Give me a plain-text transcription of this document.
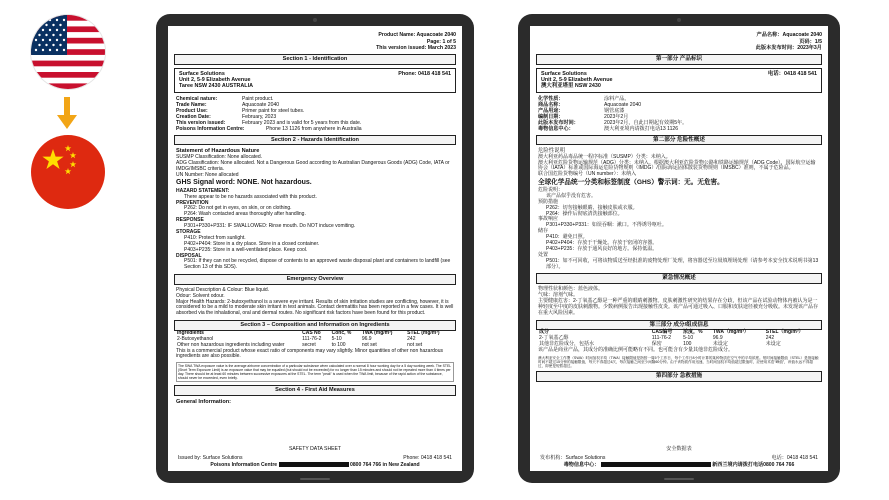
Product Name: Aquacoate 2040
Page: 1 of 5
This version issued: March 2023
Section 1 - Identification
Surface Solutions
Unit 2, 5-9 Elizabeth Avenue
Taree NSW 2430 AUSTRALIA
Phone: 0418 418 541
Chemical nature:	Paint product.
Trade Name:	Aquacoate 2040
Product Use:	Primer paint for steel tubes.
Creation Date:	February, 2023
This version issued:	February 2023 and is valid for 5 years from this date.
Poisons Information Centre:	Phone 13 1126 from anywhere in Australia
Section 2 - Hazards Identification
Statement of Hazardous Nature
SUSMP Classification: None allocated.
ADG Classification: None allocated. Not a Dangerous Good according to Australian Dangerous Goods (ADG) Code, IATA or IMDG/IMSBC criteria.
UN Number: None allocated
GHS Signal word: NONE. Not hazardous.
HAZARD STATEMENT:
There appear to be no hazards associated with this product.
PREVENTION
P262: Do not get in eyes, on skin, or on clothing.
P264: Wash contacted areas thoroughly after handling.
RESPONSE
P301+P330+P331: IF SWALLOWED: Rinse mouth. Do NOT induce vomiting.
STORAGE
P410: Protect from sunlight.
P402+P404: Store in a dry place. Store in a closed container.
P403+P235: Store in a well-ventilated place. Keep cool.
DISPOSAL
P501: If they can not be recycled, dispose of contents to an approved waste disposal plant and containers to landfill (see Section 13 of this SDS).
Emergency Overview
Physical Description & Colour: Blue liquid.
Odour: Solvent odour.
Major Health Hazards: 2-butoxyethanol is a severe eye irritant. Results of skin irritation studies are conflicting, however, it is considered to be a mild to moderate skin irritant in test animals. Contact dermatitis has been reported in a few cases. It is well absorbed via the inhalational, oral and dermal routes. No significant risk factors have been found for this product.
Section 3 – Composition and Information on Ingredients
Ingredients	CAS No	Conc, %	TWA (mg/m³)	STEL (mg/m³)
2-Butoxyethanol	111-76-2	5-10	96.9	242
Other non hazardous ingredients including water	secret	to 100	not set	not set
This is a commercial product whose exact ratio of components may vary slightly. Minor quantities of other non hazardous ingredients are also possible.
The SWA TWA exposure value is the average airborne concentration of a particular substance when calculated over a normal 8 hour working day for a 5 day working week. The STEL (Short Term Exposure Limit) is an exposure value that may be equalled (but should not be exceeded) for no longer than 15 minutes and should not be repeated more than 4 times per day. There should be at least 60 minutes between successive exposures at the STEL. The term "peak" is used when the TWA limit, because of the rapid action of the substance, should never be exceeded, even briefly.
Section 4 - First Aid Measures
General Information:
SAFETY DATA SHEET
Issued by: Surface Solutions	Phone: 0418 418 541
Poisons Information Centre	0800 764 766 in New Zealand
产品名称：Aquacoate 2040
页码：1/5
此版本发布时间：2023年3月
第一部分 产品标识
Surface Solutions
Unit 2, 5-9 Elizabeth Avenue
澳大利亚塔里 NSW 2430
电话：0418 418 541
化学性质：	涂料产品。
商品名称：	Aquacoate 2040
产品用途：	钢管底漆
编制日期：	2023年2月
此版本发布时间：	2023年2月，自此日期起有效期5年。
毒物信息中心：	澳大利亚境内请拨打电话13 1126
第二部分 危险性概述
危险性说明
澳大利亚药品毒品统一程序标准（SUSMP）分类：未纳入。
澳大利亚危险货物运输规范（ADG）分类：未纳入。根据澳大利亚危险货物公路和铁路运输规范（ADG Code）、国际航空运输协会（IATA）标准或国际海运危险货物规则（IMDG）/国际海运固体散装货物规则（IMSBC）准则，不属于危险品。
联合国危险货物编号（UN number）：未纳入
全球化学品统一分类和标签制度（GHS）警示词：无。无危害。
危险说明：
该产品似乎没有危害。
预防措施
P262：切勿接触眼睛、接触皮肤或衣服。
P264：操作后彻底清洗接触部位。
事故响应
P301+P330+P331：如误吞咽：漱口。不得诱导呕吐。
储存
P410：避免日照。
P402+P404：存放于干燥处。存放于密闭的容器。
P403+P235：存放于通风良好的地方。保持低温。
处置
P501：如不可回收，可将该物质送至经批准的废物处理厂处理，将容器送至垃圾填埋场处理（请参考本安全技术说明书第13部分）。
紧急情况概述
物理性状和颜色：蓝色液体。
气味：溶剂气味。
主要健康危害：2-丁氧基乙醇是一种严重的眼睛刺激物。皮肤刺激性研究的结果存在分歧，但该产品在试验动物体内被认为是一种轻度至中度的皮肤刺激物。少数病例报告出现接触性皮炎。该产品可通过吸入、口服和皮肤途径被充分吸收。未发现该产品存在重大风险因素。
第三部分 成分/组成信息
成分	CAS编号	浓度，%	TWA（mg/m³）	STEL（mg/m³）
2-丁氧基乙醇	111-76-2	5-10	96.9	242
其他非危险成分，包括水	保密	100	未设定	未设定
该产品是商业产品，其成分的准确比例可能略有不同。也可能含有少量其他非危险成分。
澳大利亚安全工作署（SWA）时间加权平均（TWA）接触限值是指按一周5个工作日、每个工作日8小时计算的某种物质在空气中的平均浓度。短时间接触限值（STEL）是指接触时间不超过15分钟的接触限值，每天不得超过4次，每次接触之间至少间隔60分钟。由于该物质作用迅速，当时间加权平均值超过限值时，应使用术语"峰值"，该值永远不得超过，即使是短暂超过。
第四部分 急救措施
安全数据表
发布机构：Surface Solutions	电话：0418 418 541
毒物信息中心：	新西兰境内请拨打电话0800 764 766
